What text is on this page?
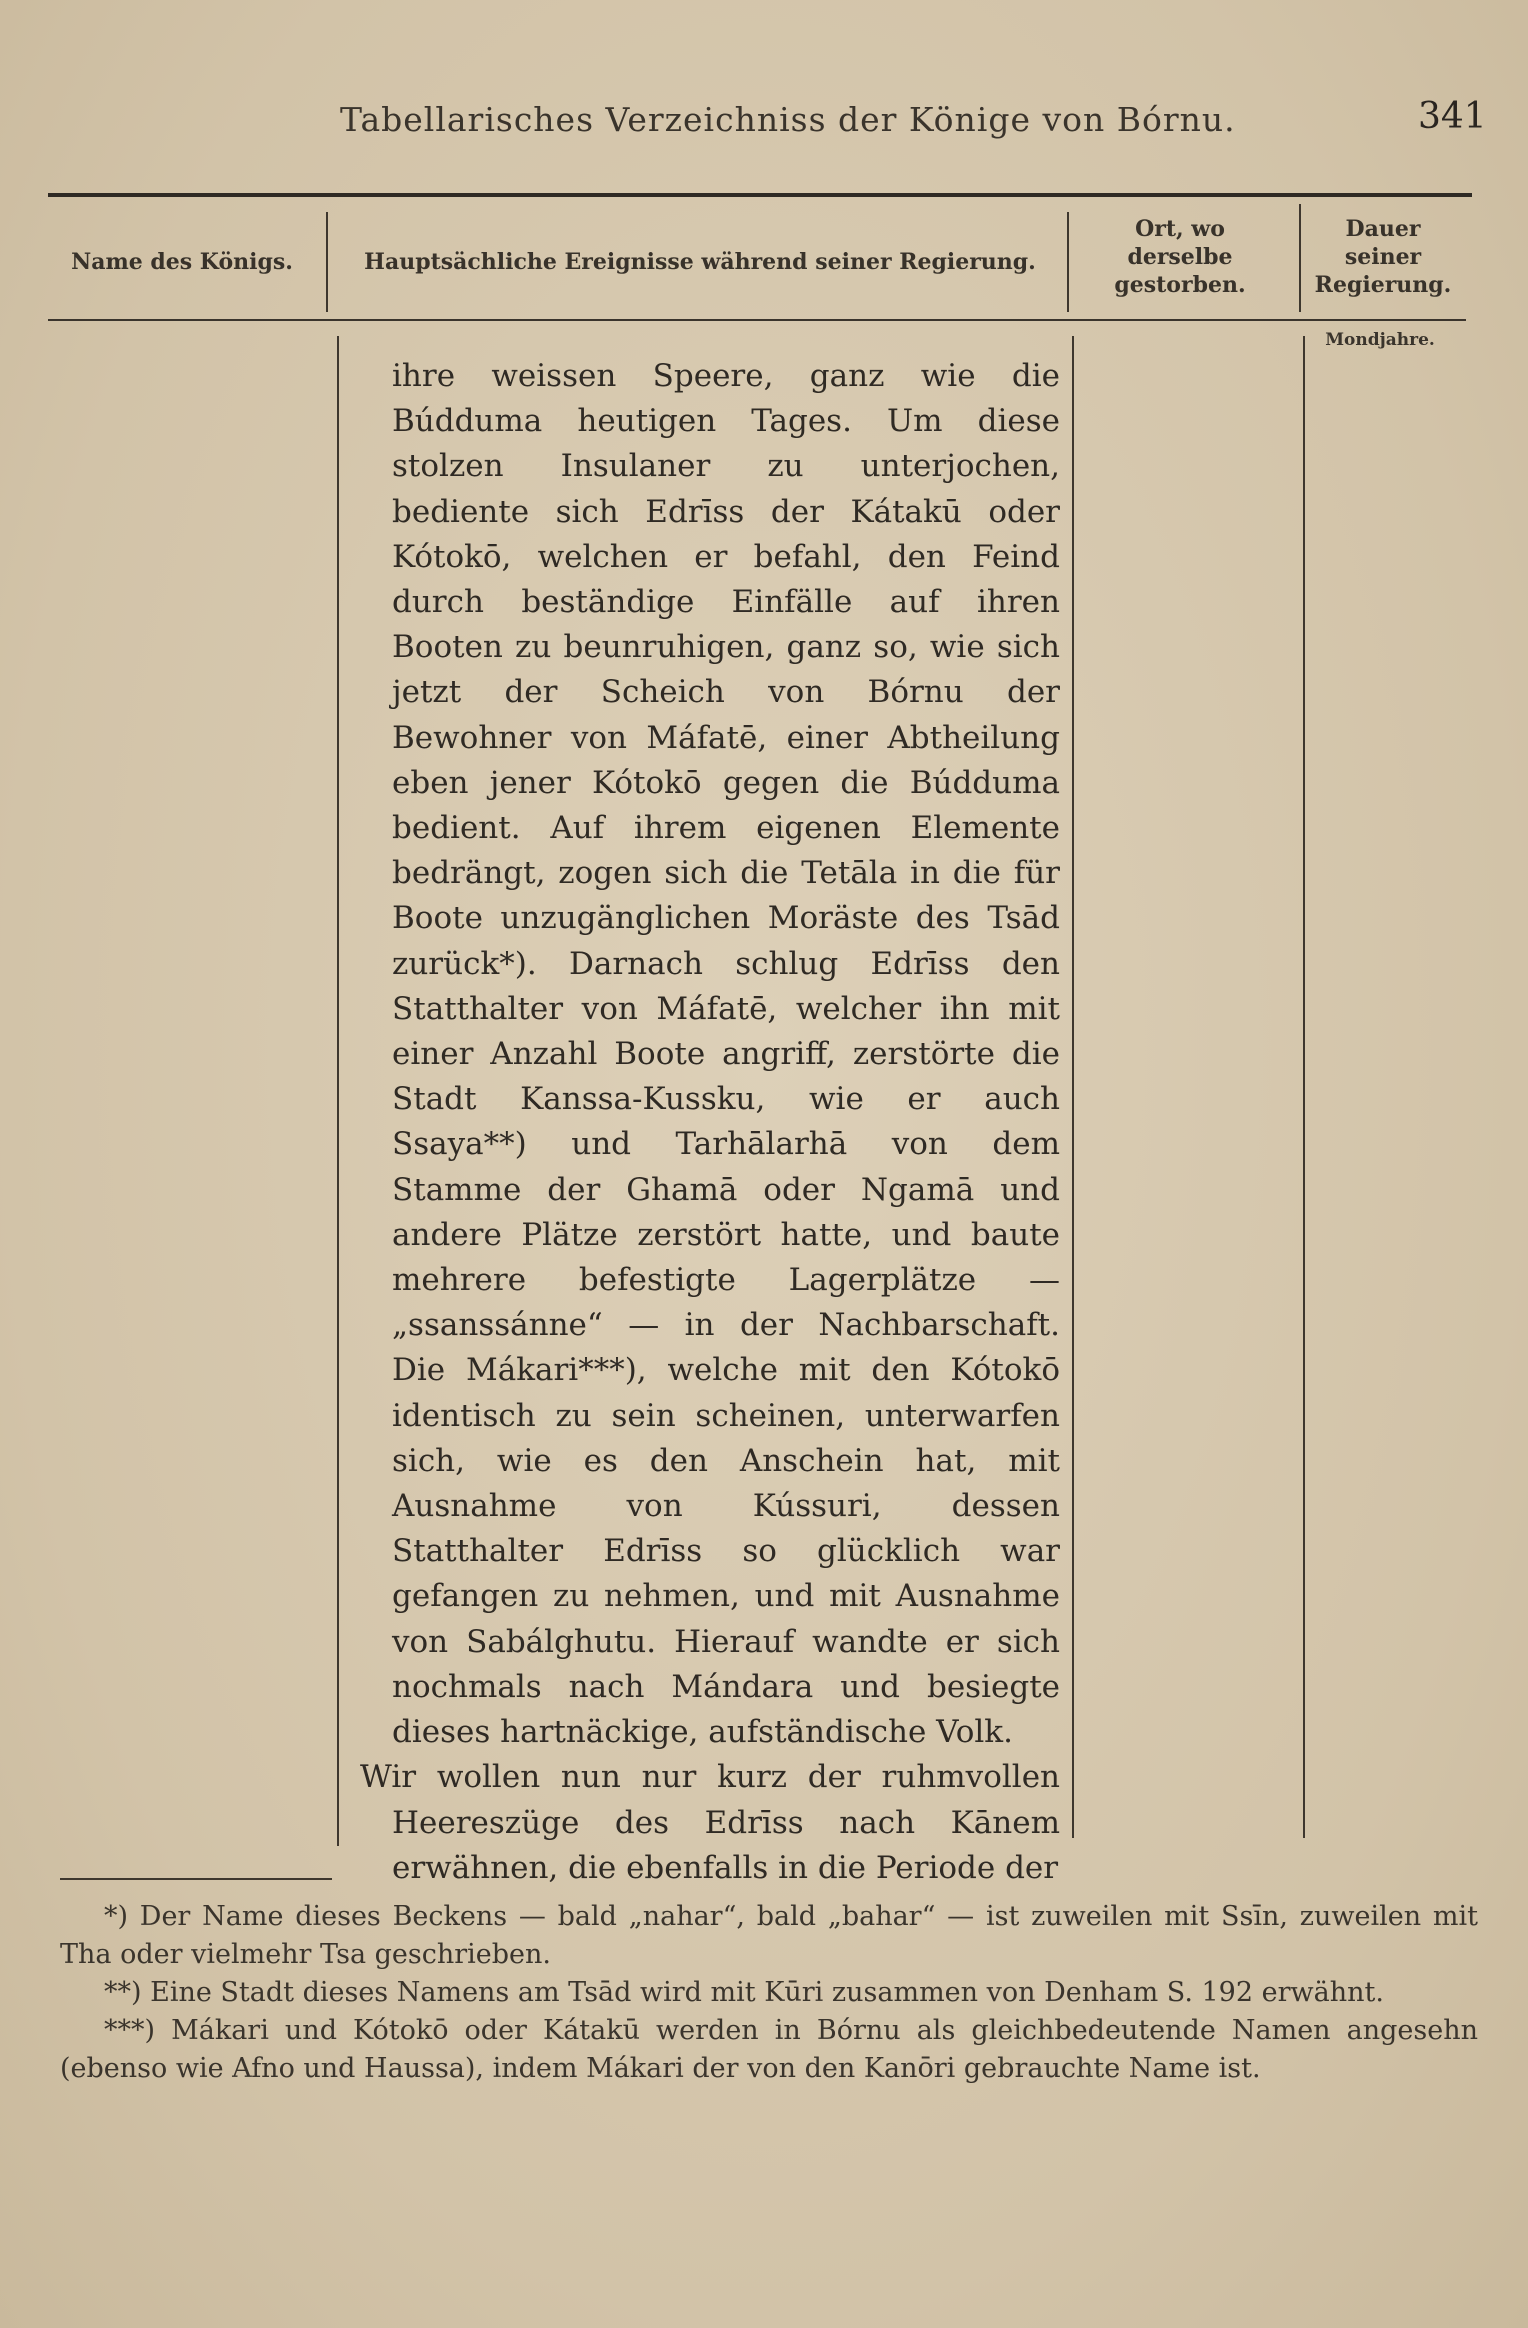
Tabellarisches Verzeichniss der Könige von Bórnu.	341
Name des Königs.	Hauptsächliche Ereignisse während seiner Regierung.
Ort, wo derselbe gestorben.
Dauer seiner Regierung.
Mondjahre.

ihre weissen Speere, ganz wie die Búdduma heutigen Tages. Um diese stolzen Insulaner zu unterjochen, bediente sich Edrīss der Kátakū oder Kótokō, welchen er befahl, den Feind durch beständige Einfälle auf ihren Booten zu beunruhigen, ganz so, wie sich jetzt der Scheich von Bórnu der Bewohner von Máfatē, einer Abtheilung eben jener Kótokō gegen die Búdduma bedient. Auf ihrem eigenen Elemente bedrängt, zogen sich die Tetāla in die für Boote unzugänglichen Moräste des Tsād zurück*). Darnach schlug Edrīss den Statthalter von Máfatē, welcher ihn mit einer Anzahl Boote angriff, zerstörte die Stadt Kanssa-Kussku, wie er auch Ssaya**) und Tarhālarhā von dem Stamme der Ghamā oder Ngamā und andere Plätze zerstört hatte, und baute mehrere befestigte Lagerplätze — „ssanssánne“ — in der Nachbarschaft. Die Mákari***), welche mit den Kótokō identisch zu sein scheinen, unterwarfen sich, wie es den Anschein hat, mit Ausnahme von Kússuri, dessen Statthalter Edrīss so glücklich war gefangen zu nehmen, und mit Ausnahme von Sabálghutu. Hierauf wandte er sich nochmals nach Mándara und besiegte dieses hartnäckige, aufständische Volk.

Wir wollen nun nur kurz der ruhmvollen Heereszüge des Edrīss nach Kānem erwähnen, die ebenfalls in die Periode der

*) Der Name dieses Beckens — bald „nahar“, bald „bahar“ — ist zuweilen mit Ssīn, zuweilen mit Tha oder vielmehr Tsa geschrieben.

**) Eine Stadt dieses Namens am Tsād wird mit Kūri zusammen von Denham S. 192 erwähnt.

***) Mákari und Kótokō oder Kátakū werden in Bórnu als gleichbedeutende Namen angesehn (ebenso wie Afno und Haussa), indem Mákari der von den Kanōri gebrauchte Name ist.
